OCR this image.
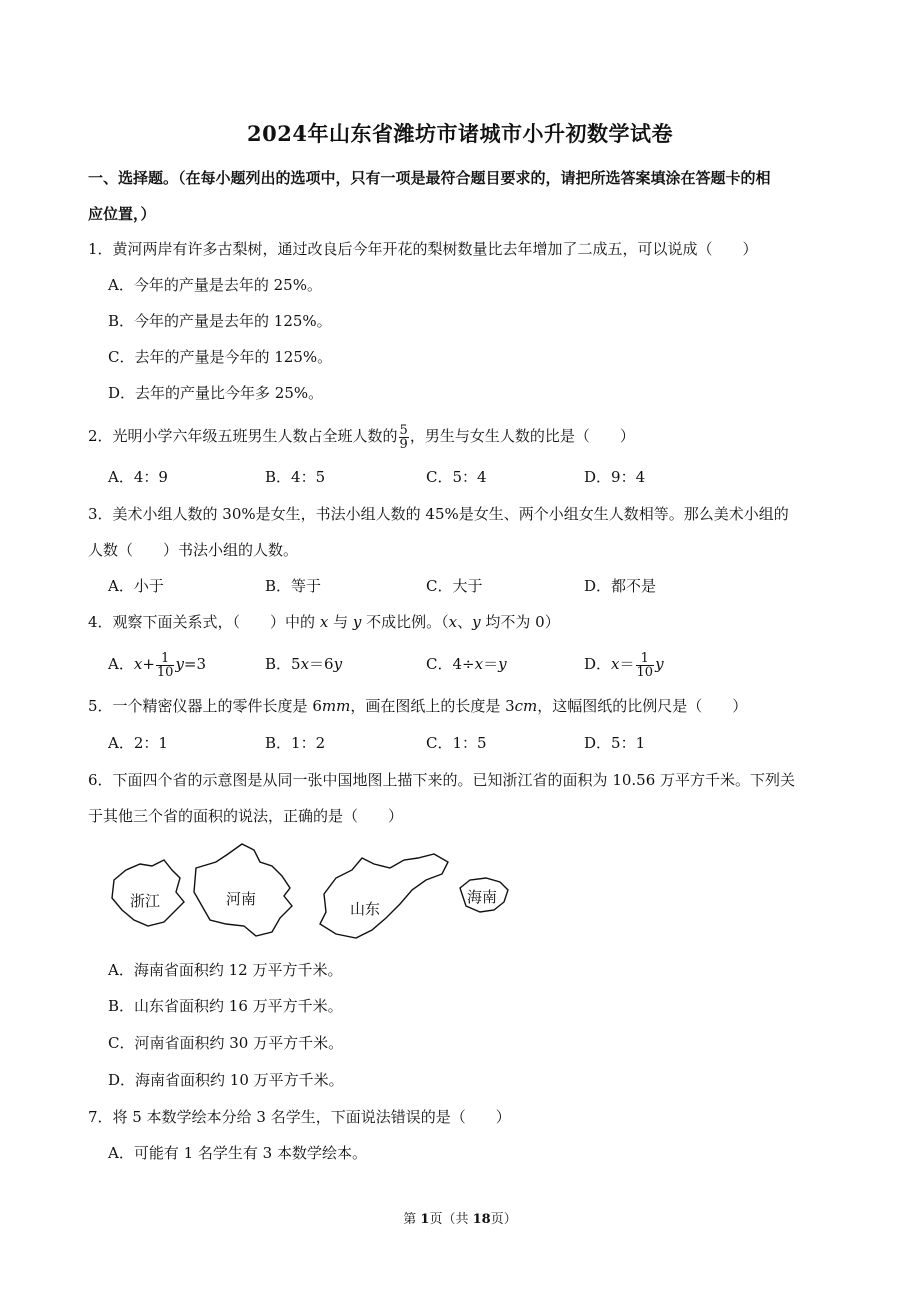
2024年山东省潍坊市诸城市小升初数学试卷
一、选择题。（在每小题列出的选项中，只有一项是最符合题目要求的，请把所选答案填涂在答题卡的相
应位置，）
1．黄河两岸有许多古梨树，通过改良后今年开花的梨树数量比去年增加了二成五，可以说成（　　）
A．今年的产量是去年的 25%。
B．今年的产量是去年的 125%。
C．去年的产量是今年的 125%。
D．去年的产量比今年多 25%。
2．光明小学六年级五班男生人数占全班人数的 $\frac{5}{9}$ ，男生与女生人数的比是（　　）
A．4：9	B．4：5	C．5：4	D．9：4
3．美术小组人数的 30%是女生，书法小组人数的 45%是女生、两个小组女生人数相等。那么美术小组的
人数（　　）书法小组的人数。
A．小于	B．等于	C．大于	D．都不是
4．观察下面关系式，（　　）中的 x 与 y 不成比例。（x、y 均不为 0）
A．$x+ \frac{1}{10} y=3$	B．5x＝6y	C．4÷x＝y	D．$x= \frac{1}{10}$ y
5．一个精密仪器上的零件长度是 6mm，画在图纸上的长度是 3cm，这幅图纸的比例尺是（　　）
A．2：1	B．1：2	C．1：5	D．5：1
6．下面四个省的示意图是从同一张中国地图上描下来的。已知浙江省的面积为 10.56 万平方千米。下列关
于其他三个省的面积的说法，正确的是（　　）
浙江	河南
山东
海南
A．海南省面积约 12 万平方千米。
B．山东省面积约 16 万平方千米。
C．河南省面积约 30 万平方千米。
D．海南省面积约 10 万平方千米。
7．将 5 本数学绘本分给 3 名学生，下面说法错误的是（　　）
A．可能有 1 名学生有 3 本数学绘本。
第 1页（共 18页）
